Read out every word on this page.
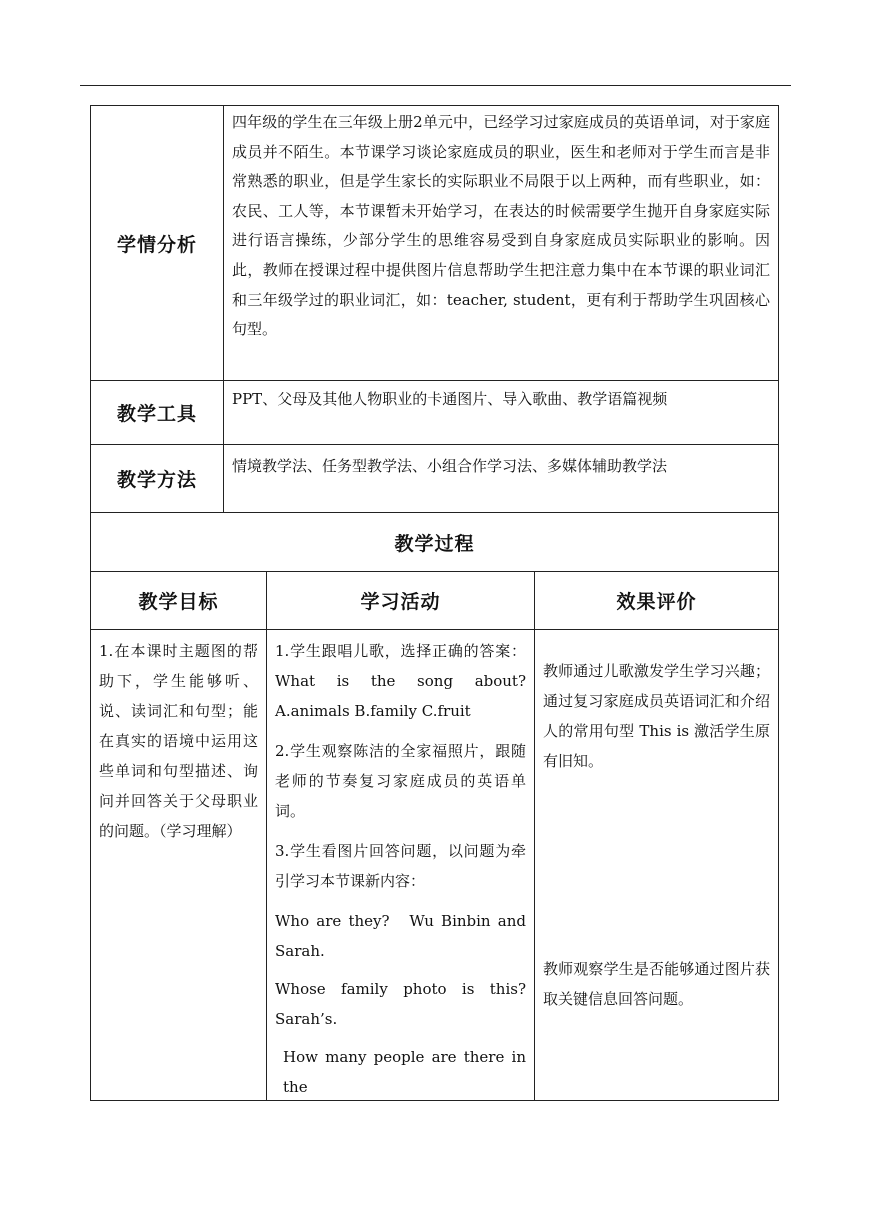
学情分析
四年级的学生在三年级上册2单元中，已经学习过家庭成员的英语单词，对于家庭成员并不陌生。本节课学习谈论家庭成员的职业，医生和老师对于学生而言是非常熟悉的职业，但是学生家长的实际职业不局限于以上两种，而有些职业，如：农民、工人等，本节课暂未开始学习，在表达的时候需要学生抛开自身家庭实际进行语言操练，少部分学生的思维容易受到自身家庭成员实际职业的影响。因此，教师在授课过程中提供图片信息帮助学生把注意力集中在本节课的职业词汇和三年级学过的职业词汇，如：teacher, student，更有利于帮助学生巩固核心句型。
教学工具
PPT、父母及其他人物职业的卡通图片、导入歌曲、教学语篇视频
教学方法
情境教学法、任务型教学法、小组合作学习法、多媒体辅助教学法
教学过程
教学目标	学习活动	效果评价

1.在本课时主题图的帮助下，学生能够听、说、读词汇和句型；能在真实的语境中运用这些单词和句型描述、询问并回答关于父母职业的问题。（学习理解）

1.学生跟唱儿歌，选择正确的答案： What is the song about? A.animals B.family C.fruit

2.学生观察陈洁的全家福照片，跟随老师的节奏复习家庭成员的英语单词。

3.学生看图片回答问题，以问题为牵引学习本节课新内容：

Who are they?　Wu Binbin and Sarah.

Whose family photo is this? Sarah’s.

How many people are there in the

教师通过儿歌激发学生学习兴趣；通过复习家庭成员英语词汇和介绍人的常用句型 This is 激活学生原有旧知。

教师观察学生是否能够通过图片获取关键信息回答问题。
